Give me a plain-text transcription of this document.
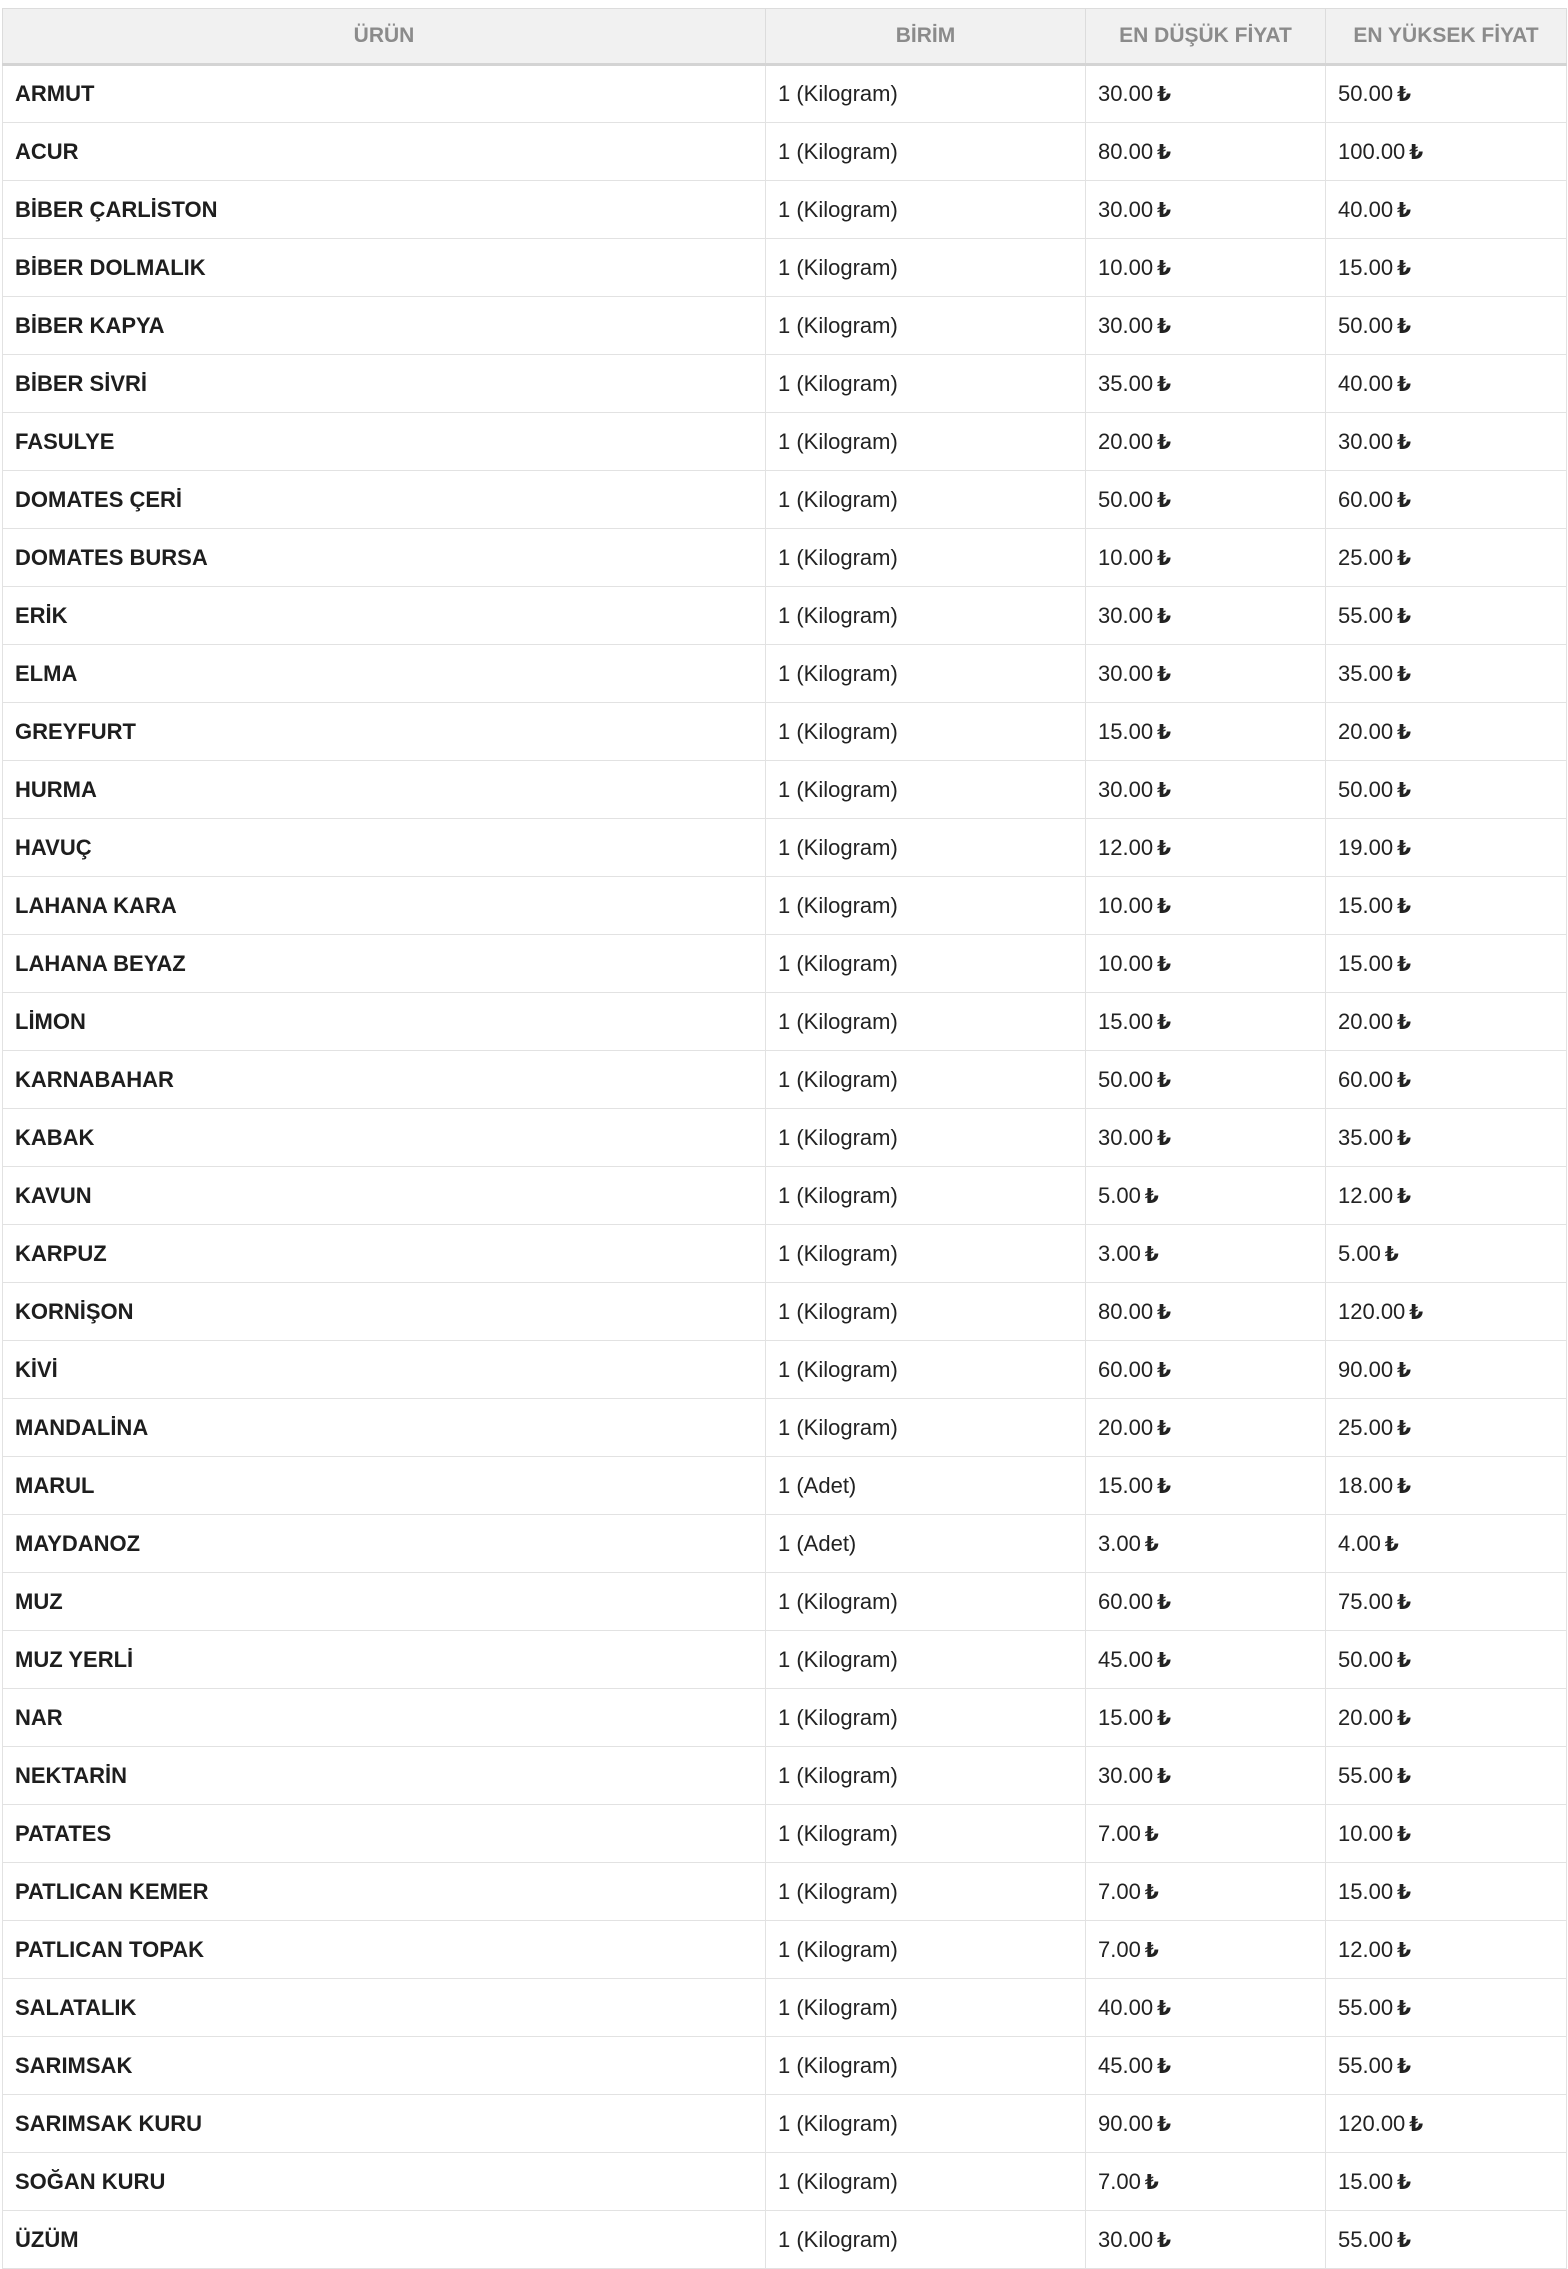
ÜRÜN	BİRİM	EN DÜŞÜK FİYAT	EN YÜKSEK FİYAT
ARMUT	1 (Kilogram)	30.00 ₺	50.00 ₺
ACUR	1 (Kilogram)	80.00 ₺	100.00 ₺
BİBER ÇARLİSTON	1 (Kilogram)	30.00 ₺	40.00 ₺
BİBER DOLMALIK	1 (Kilogram)	10.00 ₺	15.00 ₺
BİBER KAPYA	1 (Kilogram)	30.00 ₺	50.00 ₺
BİBER SİVRİ	1 (Kilogram)	35.00 ₺	40.00 ₺
FASULYE	1 (Kilogram)	20.00 ₺	30.00 ₺
DOMATES ÇERİ	1 (Kilogram)	50.00 ₺	60.00 ₺
DOMATES BURSA	1 (Kilogram)	10.00 ₺	25.00 ₺
ERİK	1 (Kilogram)	30.00 ₺	55.00 ₺
ELMA	1 (Kilogram)	30.00 ₺	35.00 ₺
GREYFURT	1 (Kilogram)	15.00 ₺	20.00 ₺
HURMA	1 (Kilogram)	30.00 ₺	50.00 ₺
HAVUÇ	1 (Kilogram)	12.00 ₺	19.00 ₺
LAHANA KARA	1 (Kilogram)	10.00 ₺	15.00 ₺
LAHANA BEYAZ	1 (Kilogram)	10.00 ₺	15.00 ₺
LİMON	1 (Kilogram)	15.00 ₺	20.00 ₺
KARNABAHAR	1 (Kilogram)	50.00 ₺	60.00 ₺
KABAK	1 (Kilogram)	30.00 ₺	35.00 ₺
KAVUN	1 (Kilogram)	5.00 ₺	12.00 ₺
KARPUZ	1 (Kilogram)	3.00 ₺	5.00 ₺
KORNİŞON	1 (Kilogram)	80.00 ₺	120.00 ₺
KİVİ	1 (Kilogram)	60.00 ₺	90.00 ₺
MANDALİNA	1 (Kilogram)	20.00 ₺	25.00 ₺
MARUL	1 (Adet)	15.00 ₺	18.00 ₺
MAYDANOZ	1 (Adet)	3.00 ₺	4.00 ₺
MUZ	1 (Kilogram)	60.00 ₺	75.00 ₺
MUZ YERLİ	1 (Kilogram)	45.00 ₺	50.00 ₺
NAR	1 (Kilogram)	15.00 ₺	20.00 ₺
NEKTARİN	1 (Kilogram)	30.00 ₺	55.00 ₺
PATATES	1 (Kilogram)	7.00 ₺	10.00 ₺
PATLICAN KEMER	1 (Kilogram)	7.00 ₺	15.00 ₺
PATLICAN TOPAK	1 (Kilogram)	7.00 ₺	12.00 ₺
SALATALIK	1 (Kilogram)	40.00 ₺	55.00 ₺
SARIMSAK	1 (Kilogram)	45.00 ₺	55.00 ₺
SARIMSAK KURU	1 (Kilogram)	90.00 ₺	120.00 ₺
SOĞAN KURU	1 (Kilogram)	7.00 ₺	15.00 ₺
ÜZÜM	1 (Kilogram)	30.00 ₺	55.00 ₺
